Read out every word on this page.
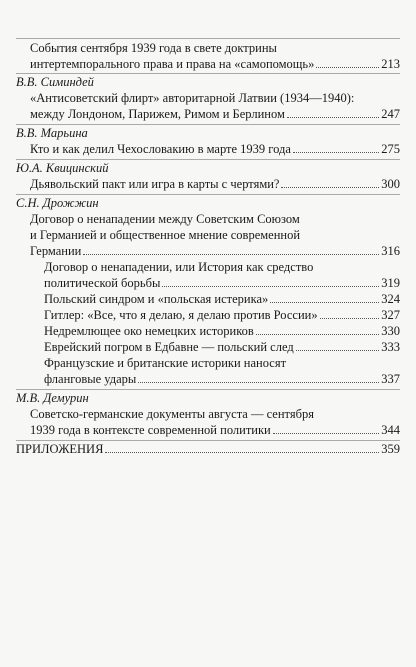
События сентября 1939 года в свете доктрины
интертемпорального права и права на «самопомощь»	213
В.В. Симиндей
«Антисоветский флирт» авторитарной Латвии (1934—1940):
между Лондоном, Парижем, Римом и Берлином	247
В.В. Марьина
Кто и как делил Чехословакию в марте 1939 года	275
Ю.А. Квицинский
Дьявольский пакт или игра в карты с чертями?	300
С.Н. Дрожжин
Договор о ненападении между Советским Союзом
и Германией и общественное мнение современной
Германии	316
Договор о ненападении, или История как средство
политической борьбы	319
Польский синдром и «польская истерика»	324
Гитлер: «Все, что я делаю, я делаю против России»	327
Недремлющее око немецких историков	330
Еврейский погром в Едбавне — польский след	333
Французские и британские историки наносят
фланговые удары	337
М.В. Демурин
Советско-германские документы августа — сентября
1939 года в контексте современной политики	344
ПРИЛОЖЕНИЯ	359
